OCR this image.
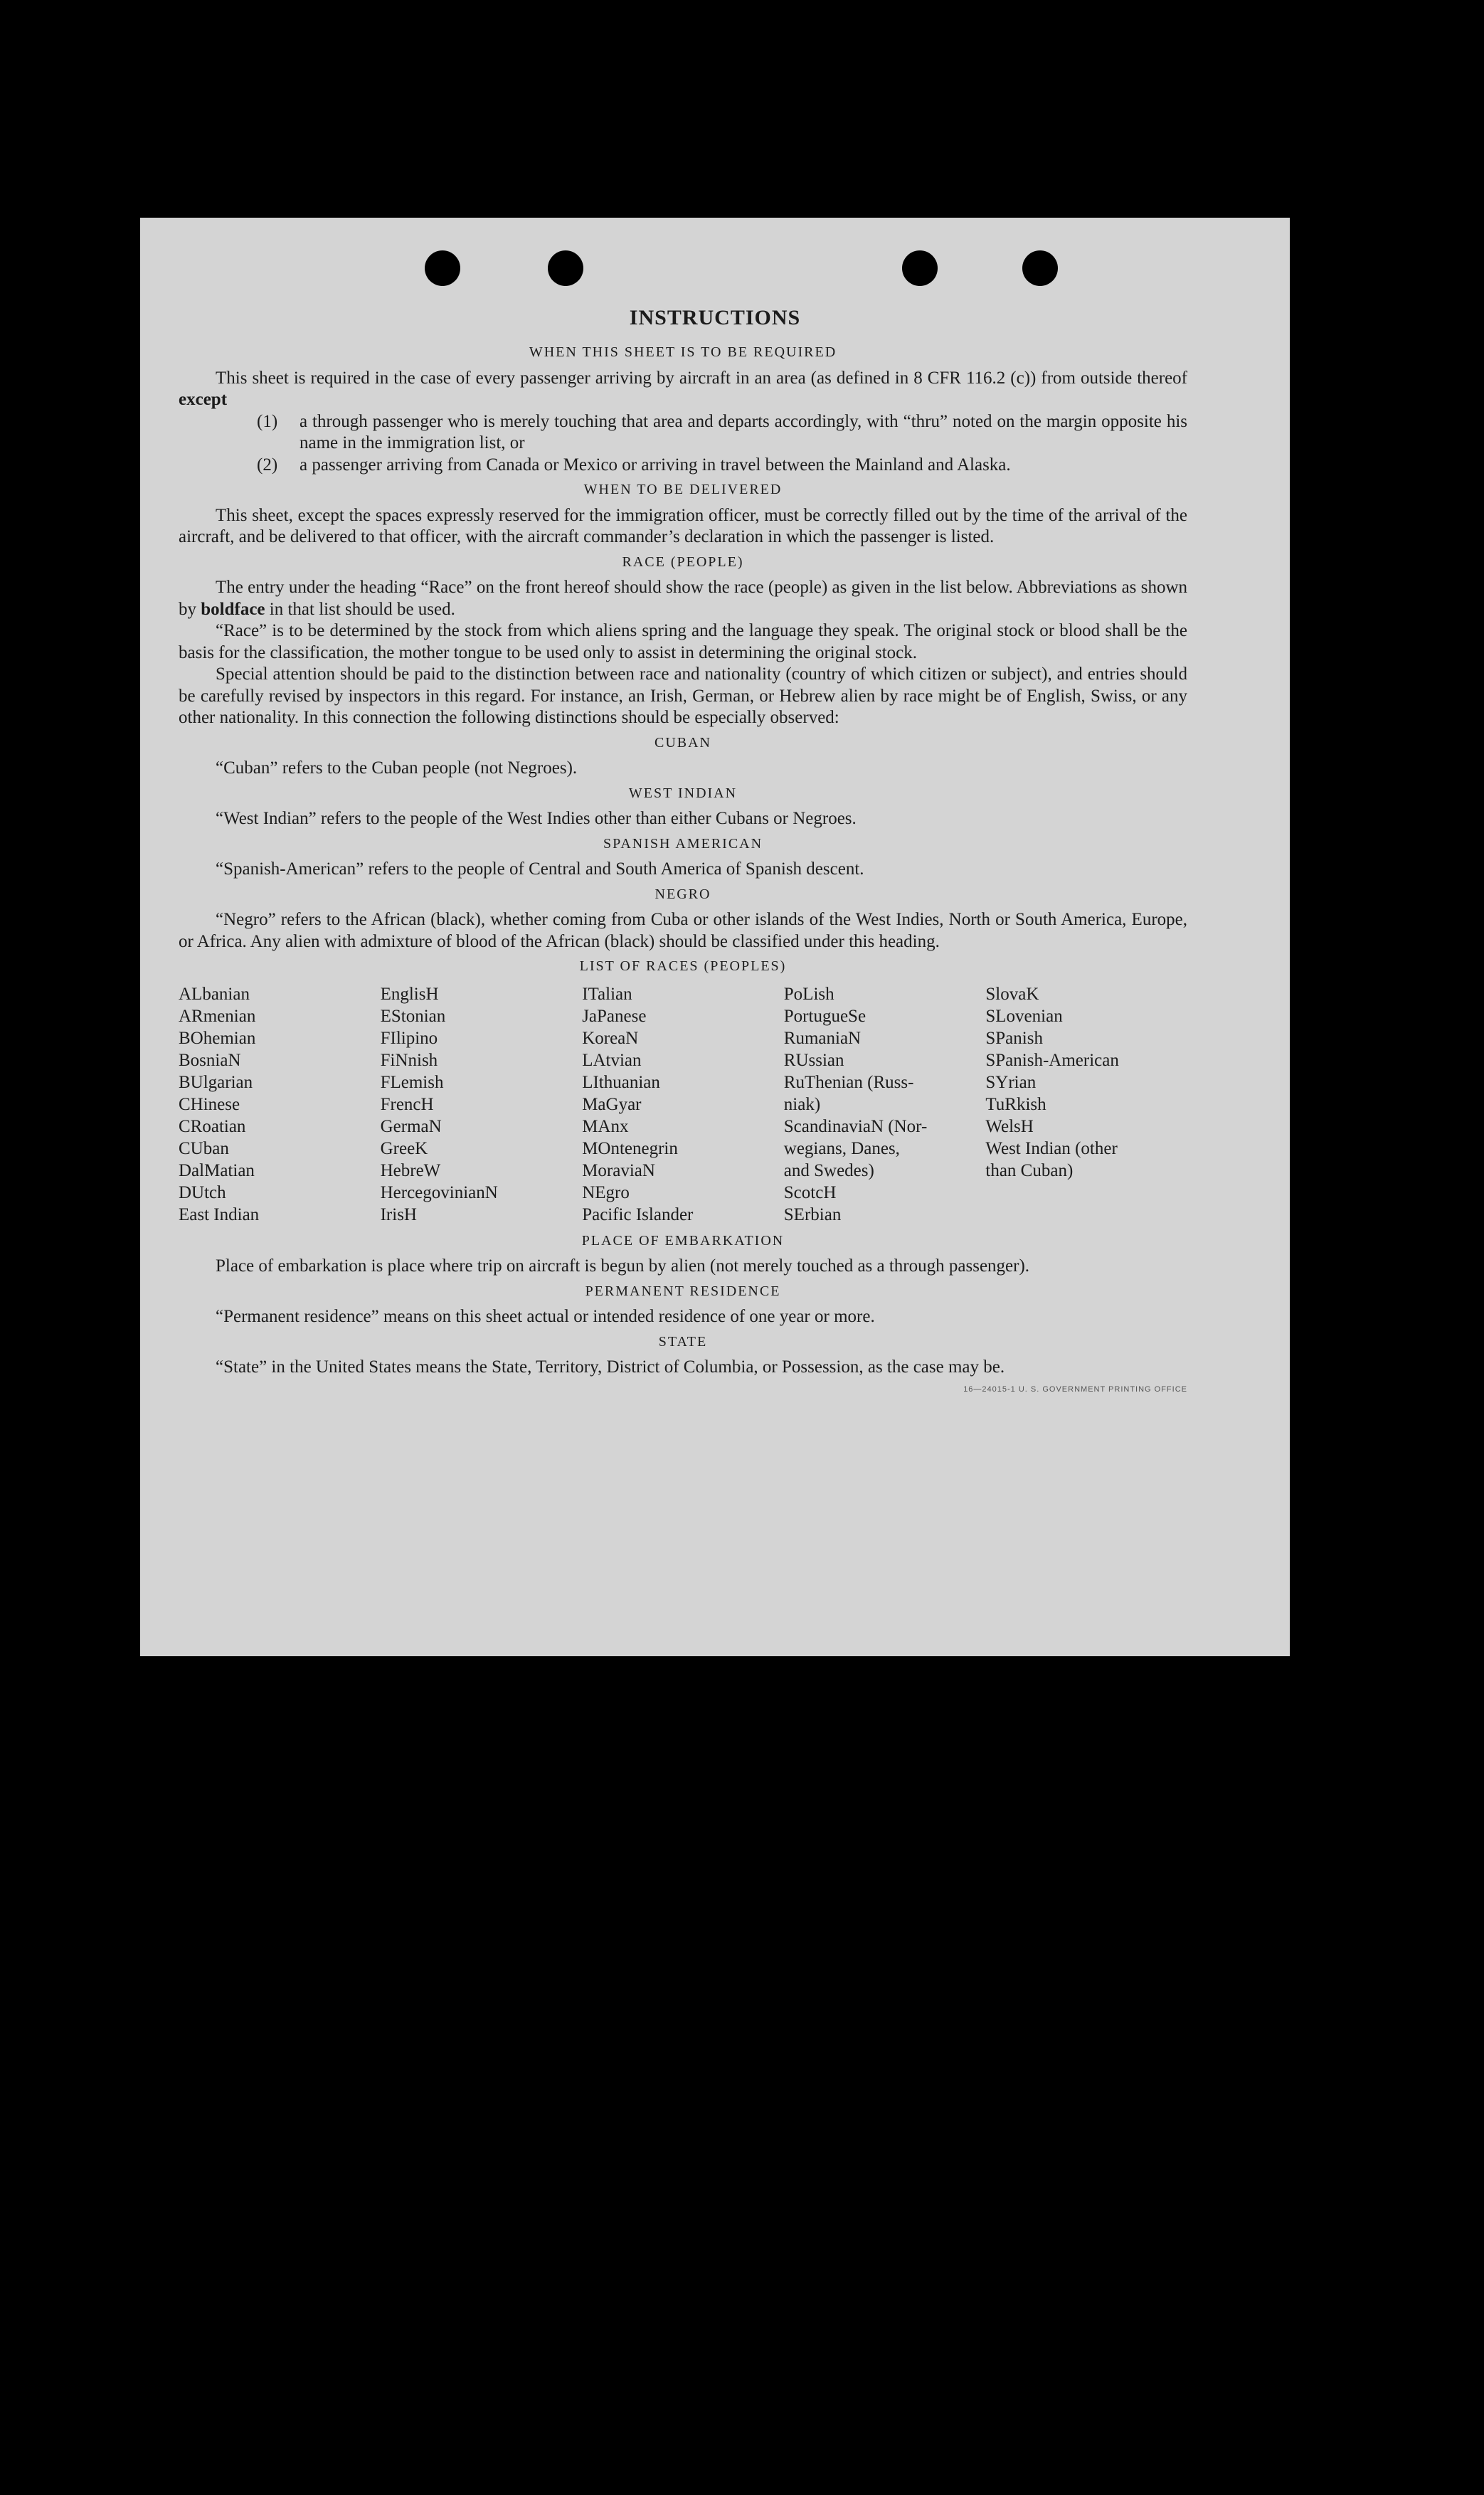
INSTRUCTIONS
WHEN THIS SHEET IS TO BE REQUIRED

This sheet is required in the case of every passenger arriving by aircraft in an area (as defined in 8 CFR 116.2 (c)) from outside thereof except

(1)	a through passenger who is merely touching that area and departs accordingly, with “thru” noted on the margin opposite his name in the immigration list, or
(2)	a passenger arriving from Canada or Mexico or arriving in travel between the Mainland and Alaska.
WHEN TO BE DELIVERED

This sheet, except the spaces expressly reserved for the immigration officer, must be correctly filled out by the time of the arrival of the aircraft, and be delivered to that officer, with the aircraft commander’s declaration in which the passenger is listed.

RACE (PEOPLE)

The entry under the heading “Race” on the front hereof should show the race (people) as given in the list below. Abbreviations as shown by boldface in that list should be used.

“Race” is to be determined by the stock from which aliens spring and the language they speak. The original stock or blood shall be the basis for the classification, the mother tongue to be used only to assist in determining the original stock.

Special attention should be paid to the distinction between race and nationality (country of which citizen or subject), and entries should be carefully revised by inspectors in this regard. For instance, an Irish, German, or Hebrew alien by race might be of English, Swiss, or any other nationality. In this connection the following distinctions should be especially observed:

CUBAN

“Cuban” refers to the Cuban people (not Negroes).

WEST INDIAN

“West Indian” refers to the people of the West Indies other than either Cubans or Negroes.

SPANISH AMERICAN

“Spanish-American” refers to the people of Central and South America of Spanish descent.

NEGRO

“Negro” refers to the African (black), whether coming from Cuba or other islands of the West Indies, North or South America, Europe, or Africa. Any alien with admixture of blood of the African (black) should be classified under this heading.

LIST OF RACES (PEOPLES)
ALbanian
ARmenian
BOhemian
BosniaN
BUlgarian
CHinese
CRoatian
CUban
DalMatian
DUtch
East Indian
EnglisH
EStonian
FIlipino
FiNnish
FLemish
FrencH
GermaN
GreeK
HebreW
HercegovinianN
IrisH
ITalian
JaPanese
KoreaN
LAtvian
LIthuanian
MaGyar
MAnx
MOntenegrin
MoraviaN
NEgro
Pacific Islander
PoLish
PortugueSe
RumaniaN
RUssian
RuThenian (Russ-
niak)
ScandinaviaN (Nor-
wegians, Danes,
and Swedes)
ScotcH
SErbian
SlovaK
SLovenian
SPanish
SPanish-American
SYrian
TuRkish
WelsH
West Indian (other
than Cuban)
PLACE OF EMBARKATION

Place of embarkation is place where trip on aircraft is begun by alien (not merely touched as a through passenger).

PERMANENT RESIDENCE

“Permanent residence” means on this sheet actual or intended residence of one year or more.

STATE

“State” in the United States means the State, Territory, District of Columbia, or Possession, as the case may be.

16—24015-1 U. S. GOVERNMENT PRINTING OFFICE
